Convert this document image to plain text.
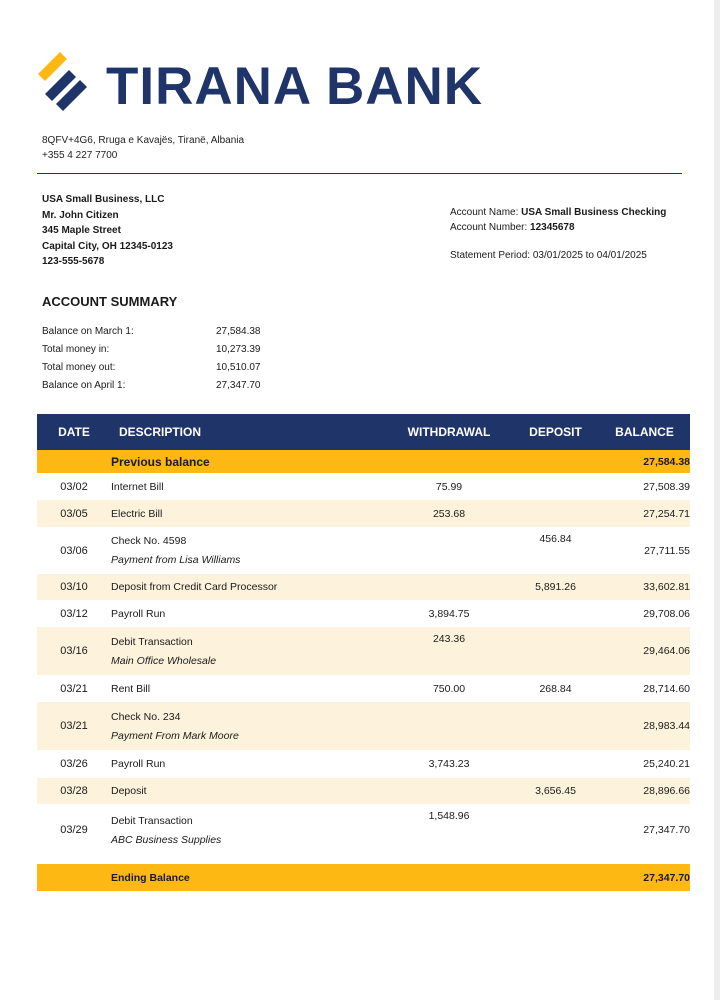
TIRANA BANK
8QFV+4G6, Rruga e Kavajës, Tiranë, Albania
+355 4 227 7700
USA Small Business, LLC
Mr. John Citizen
345 Maple Street
Capital City, OH 12345-0123
123-555-5678
Account Name: USA Small Business Checking
Account Number: 12345678
Statement Period: 03/01/2025 to 04/01/2025
ACCOUNT SUMMARY
Balance on March 1:	27,584.38
Total money in:	10,273.39
Total money out:	10,510.07
Balance on April 1:	27,347.70
DATE	DESCRIPTION	WITHDRAWAL	DEPOSIT	BALANCE
	Previous balance			27,584.38
03/02	Internet Bill	75.99		27,508.39
03/05	Electric Bill	253.68		27,254.71
03/06	Check No. 4598
Payment from Lisa Williams		456.84	27,711.55
03/10	Deposit from Credit Card Processor		5,891.26	33,602.81
03/12	Payroll Run	3,894.75		29,708.06
03/16	Debit Transaction
Main Office Wholesale	243.36		29,464.06
03/21	Rent Bill	750.00	268.84	28,714.60
03/21	Check No. 234
Payment From Mark Moore			28,983.44
03/26	Payroll Run	3,743.23		25,240.21
03/28	Deposit		3,656.45	28,896.66
03/29	Debit Transaction
ABC Business Supplies	1,548.96		27,347.70

	Ending Balance			27,347.70
